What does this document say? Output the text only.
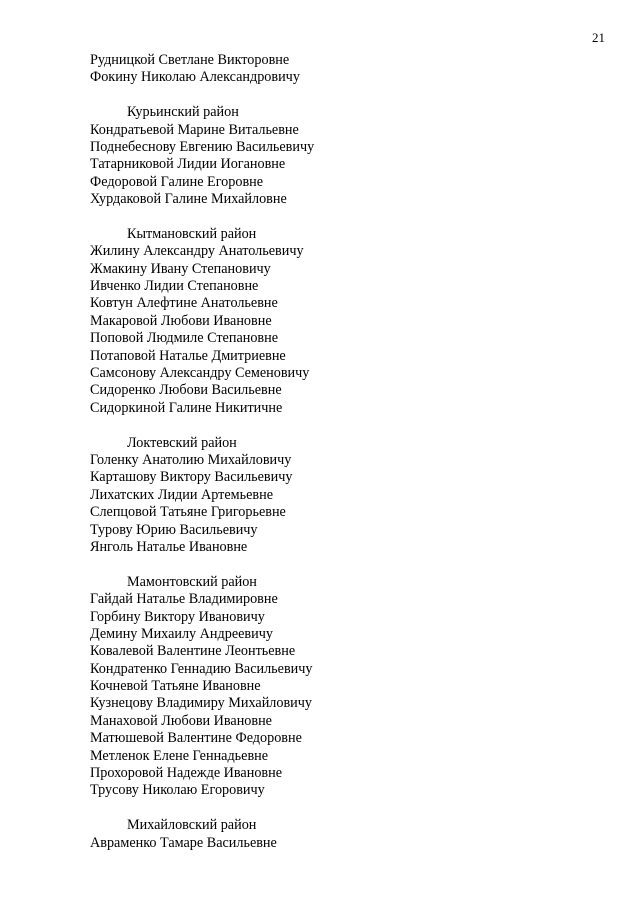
21
Рудницкой Светлане Викторовне
Фокину Николаю Александровичу
Курьинский район
Кондратьевой Марине Витальевне
Поднебеснову Евгению Васильевичу
Татарниковой Лидии Иогановне
Федоровой Галине Егоровне
Хурдаковой Галине Михайловне
Кытмановский район
Жилину Александру Анатольевичу
Жмакину Ивану Степановичу
Ивченко Лидии Степановне
Ковтун Алефтине Анатольевне
Макаровой Любови Ивановне
Поповой Людмиле Степановне
Потаповой Наталье Дмитриевне
Самсонову Александру Семеновичу
Сидоренко Любови Васильевне
Сидоркиной Галине Никитичне
Локтевский район
Голенку Анатолию Михайловичу
Карташову Виктору Васильевичу
Лихатских Лидии Артемьевне
Слепцовой Татьяне Григорьевне
Турову Юрию Васильевичу
Янголь Наталье Ивановне
Мамонтовский район
Гайдай Наталье Владимировне
Горбину Виктору Ивановичу
Демину Михаилу Андреевичу
Ковалевой Валентине Леонтьевне
Кондратенко Геннадию Васильевичу
Кочневой Татьяне Ивановне
Кузнецову Владимиру Михайловичу
Манаховой Любови Ивановне
Матюшевой Валентине Федоровне
Метленок Елене Геннадьевне
Прохоровой Надежде Ивановне
Трусову Николаю Егоровичу
Михайловский район
Авраменко Тамаре Васильевне
